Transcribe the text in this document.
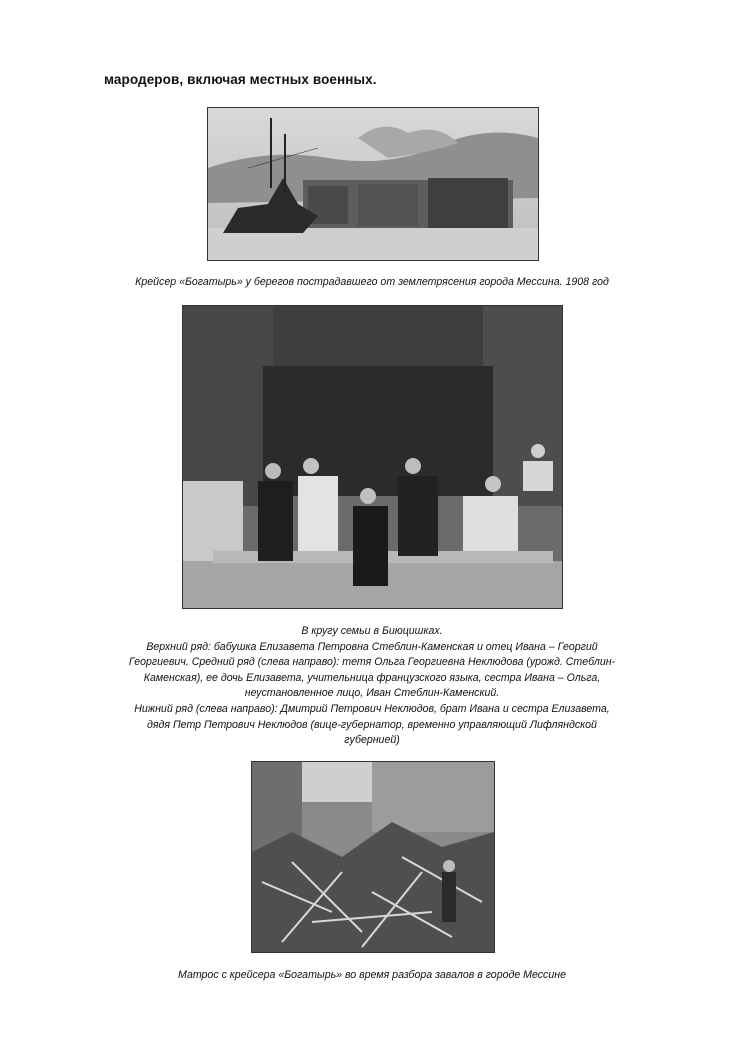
мародеров, включая местных военных.
Крейсер «Богатырь» у берегов пострадавшего от землетрясения города Мессина. 1908 год
В кругу семьи в Биюцишках.
Верхний ряд: бабушка Елизавета Петровна Стеблин-Каменская и отец Ивана – Георгий
Георгиевич. Средний ряд (слева направо): тетя Ольга Георгиевна Неклюдова (урожд. Стеблин-
Каменская), ее дочь Елизавета, учительница французского языка, сестра Ивана – Ольга,
неустановленное лицо, Иван Стеблин-Каменский.
Нижний ряд (слева направо): Дмитрий Петрович Неклюдов, брат Ивана и сестра Елизавета,
дядя Петр Петрович Неклюдов (вице-губернатор, временно управляющий Лифляндской
губернией)
Матрос с крейсера «Богатырь» во время разбора завалов в городе Мессине
